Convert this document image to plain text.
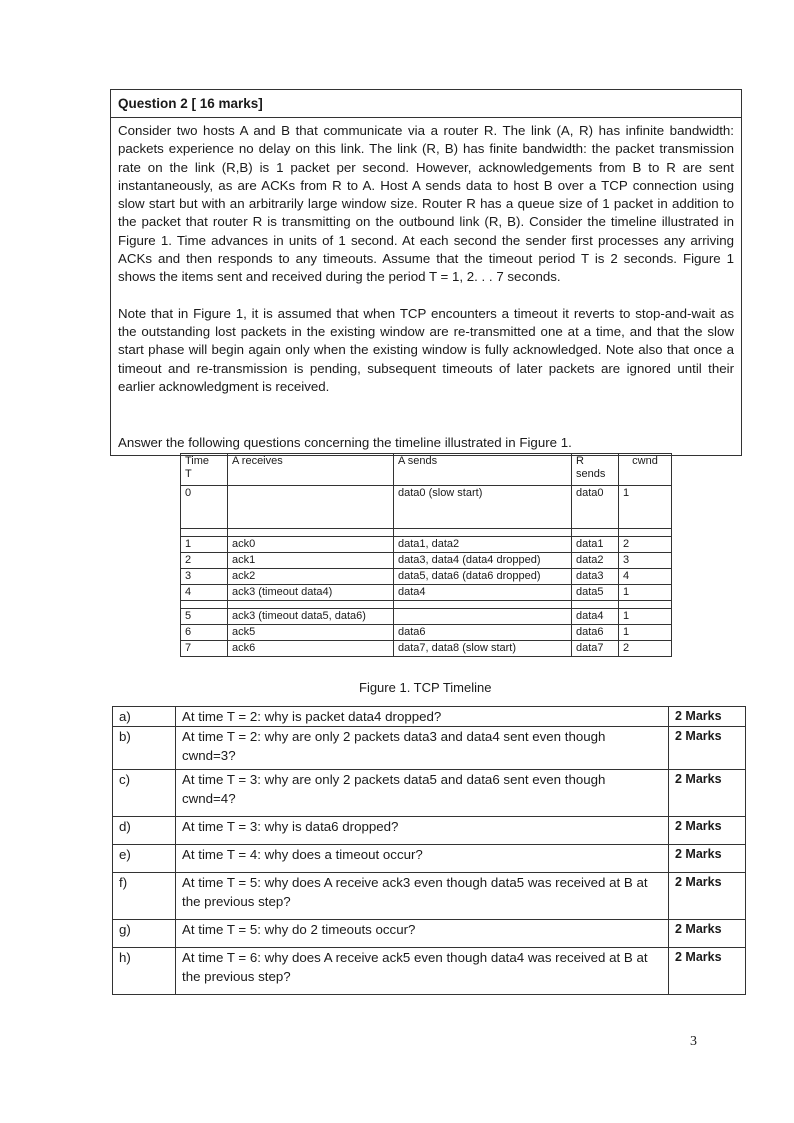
Question 2 [ 16 marks]

Consider two hosts A and B that communicate via a router R. The link (A, R) has infinite bandwidth: packets experience no delay on this link. The link (R, B) has finite bandwidth: the packet transmission rate on the link (R,B) is 1 packet per second. However, acknowledgements from B to R are sent instantaneously, as are ACKs from R to A. Host A sends data to host B over a TCP connection using slow start but with an arbitrarily large window size. Router R has a queue size of 1 packet in addition to the packet that router R is transmitting on the outbound link (R, B). Consider the timeline illustrated in Figure 1. Time advances in units of 1 second. At each second the sender first processes any arriving ACKs and then responds to any timeouts. Assume that the timeout period T is 2 seconds. Figure 1 shows the items sent and received during the period T = 1, 2. . . 7 seconds.

Note that in Figure 1, it is assumed that when TCP encounters a timeout it reverts to stop-and-wait as the outstanding lost packets in the existing window are re-transmitted one at a time, and that the slow start phase will begin again only when the existing window is fully acknowledged. Note also that once a timeout and re-transmission is pending, subsequent timeouts of later packets are ignored until their earlier acknowledgment is received.

Answer the following questions concerning the timeline illustrated in Figure 1.
Time
T	A receives	A sends	R
sends	cwnd
0		data0 (slow start)	data0	1

1	ack0	data1, data2	data1	2
2	ack1	data3, data4 (data4 dropped)	data2	3
3	ack2	data5, data6 (data6 dropped)	data3	4
4	ack3 (timeout data4)	data4	data5	1

5	ack3 (timeout data5, data6)		data4	1
6	ack5	data6	data6	1
7	ack6	data7, data8 (slow start)	data7	2
Figure 1. TCP Timeline
a)	At time T = 2: why is packet data4 dropped?	2 Marks
b)	At time T = 2: why are only 2 packets data3 and data4 sent even though cwnd=3?	2 Marks
c)	At time T = 3: why are only 2 packets data5 and data6 sent even though cwnd=4?	2 Marks
d)	At time T = 3: why is data6 dropped?	2 Marks
e)	At time T = 4: why does a timeout occur?	2 Marks
f)	At time T = 5: why does A receive ack3 even though data5 was received at B at the previous step?	2 Marks
g)	At time T = 5: why do 2 timeouts occur?	2 Marks
h)	At time T = 6: why does A receive ack5 even though data4 was received at B at the previous step?	2 Marks
3
